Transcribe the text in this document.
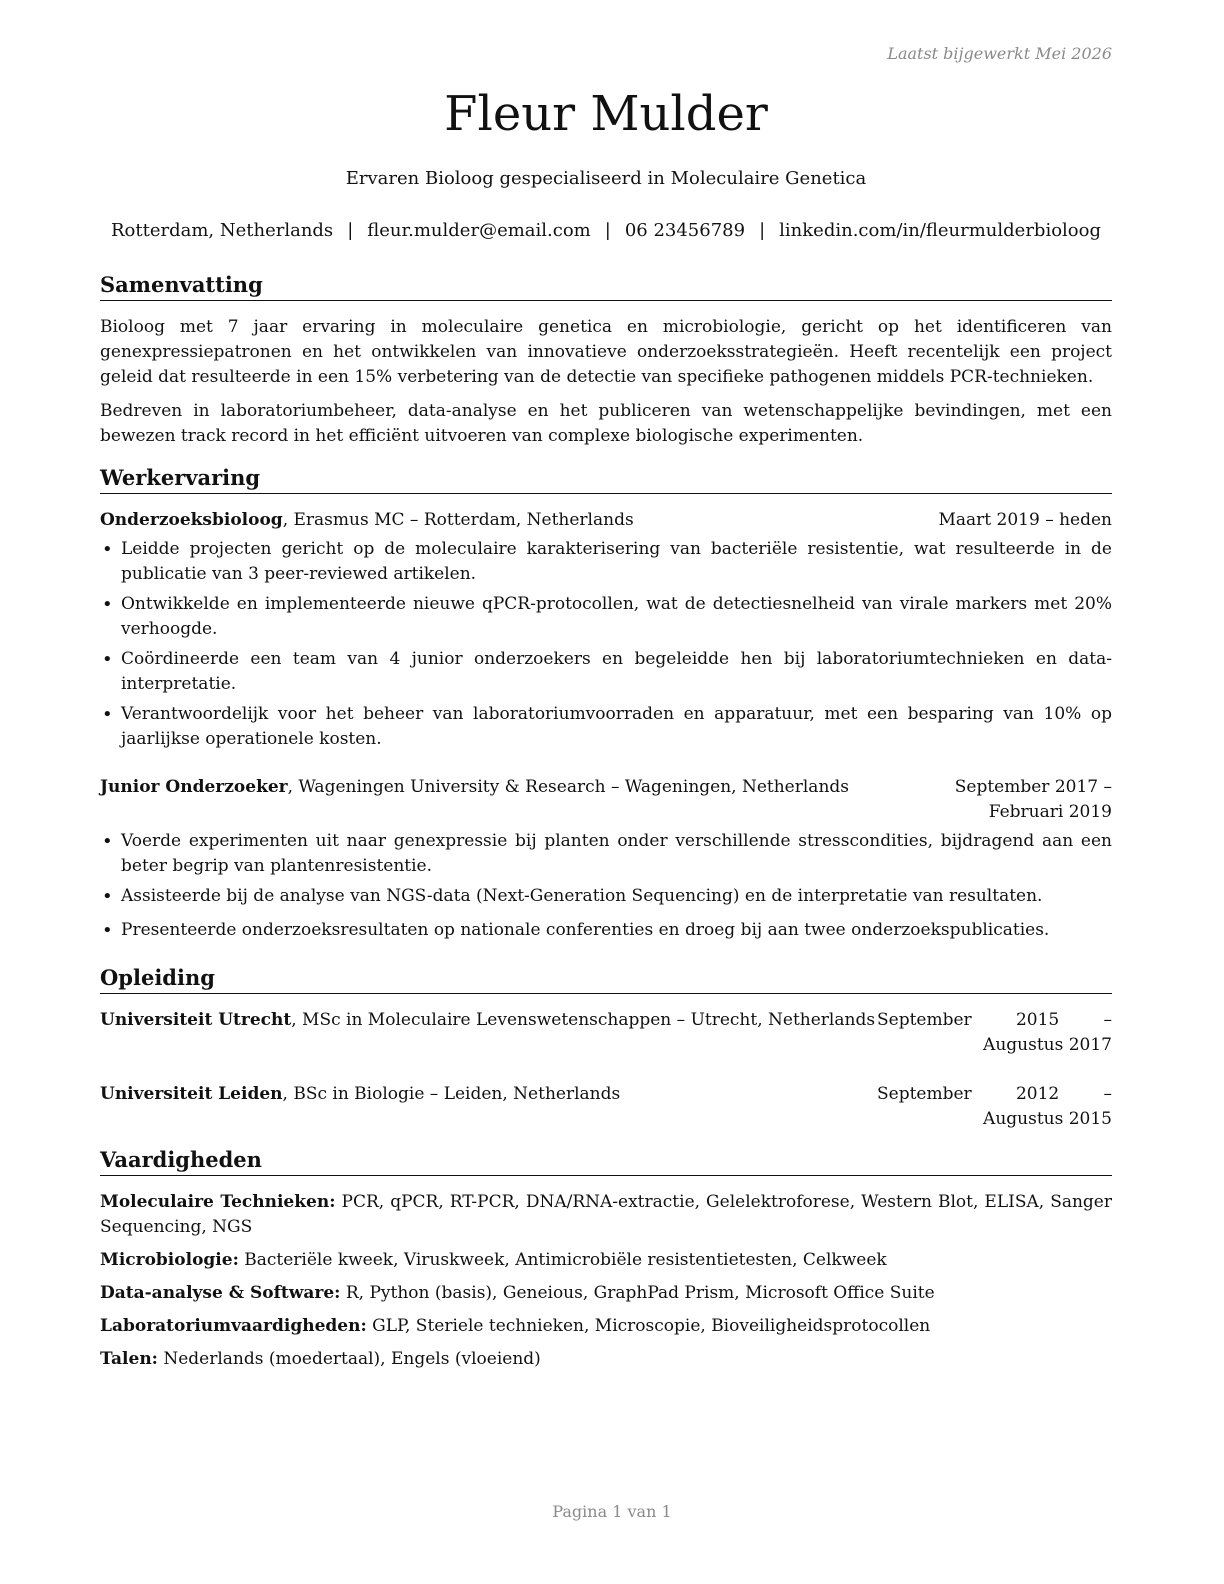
Laatst bijgewerkt Mei 2026
Fleur Mulder
Ervaren Bioloog gespecialiseerd in Moleculaire Genetica
Rotterdam, Netherlands | fleur.mulder@email.com | 06 23456789 | linkedin.com/in/fleurmulderbioloog
Samenvatting

Bioloog met 7 jaar ervaring in moleculaire genetica en microbiologie, gericht op het identificeren van genexpressiepatronen en het ontwikkelen van innovatieve onderzoeksstrategieën. Heeft recentelijk een project geleid dat resulteerde in een 15% verbetering van de detectie van specifieke pathogenen middels PCR-technieken.

Bedreven in laboratoriumbeheer, data-analyse en het publiceren van wetenschappelijke bevindingen, met een bewezen track record in het efficiënt uitvoeren van complexe biologische experimenten.

Werkervaring
Onderzoeksbioloog, Erasmus MC – Rotterdam, Netherlands	Maart 2019 – heden
• Leidde projecten gericht op de moleculaire karakterisering van bacteriële resistentie, wat resulteerde in de publicatie van 3 peer-reviewed artikelen.
• Ontwikkelde en implementeerde nieuwe qPCR-protocollen, wat de detectiesnelheid van virale markers met 20% verhoogde.
• Coördineerde een team van 4 junior onderzoekers en begeleidde hen bij laboratoriumtechnieken en data-interpretatie.
• Verantwoordelijk voor het beheer van laboratoriumvoorraden en apparatuur, met een besparing van 10% op jaarlijkse operationele kosten.
Junior Onderzoeker, Wageningen University & Research – Wageningen, Netherlands	September 2017 – Februari 2019
• Voerde experimenten uit naar genexpressie bij planten onder verschillende stresscondities, bijdragend aan een beter begrip van plantenresistentie.
• Assisteerde bij de analyse van NGS-data (Next-Generation Sequencing) en de interpretatie van resultaten.
• Presenteerde onderzoeksresultaten op nationale conferenties en droeg bij aan twee onderzoekspublicaties.
Opleiding
Universiteit Utrecht, MSc in Moleculaire Levenswetenschappen – Utrecht, Netherlands September 2015 – Augustus 2017
Universiteit Leiden, BSc in Biologie – Leiden, Netherlands	September 2012 – Augustus 2015
Vaardigheden
Moleculaire Technieken: PCR, qPCR, RT-PCR, DNA/RNA-extractie, Gelelektroforese, Western Blot, ELISA, Sanger Sequencing, NGS
Microbiologie: Bacteriële kweek, Viruskweek, Antimicrobiële resistentietesten, Celkweek
Data-analyse & Software: R, Python (basis), Geneious, GraphPad Prism, Microsoft Office Suite
Laboratoriumvaardigheden: GLP, Steriele technieken, Microscopie, Bioveiligheidsprotocollen
Talen: Nederlands (moedertaal), Engels (vloeiend)
Pagina 1 van 1
